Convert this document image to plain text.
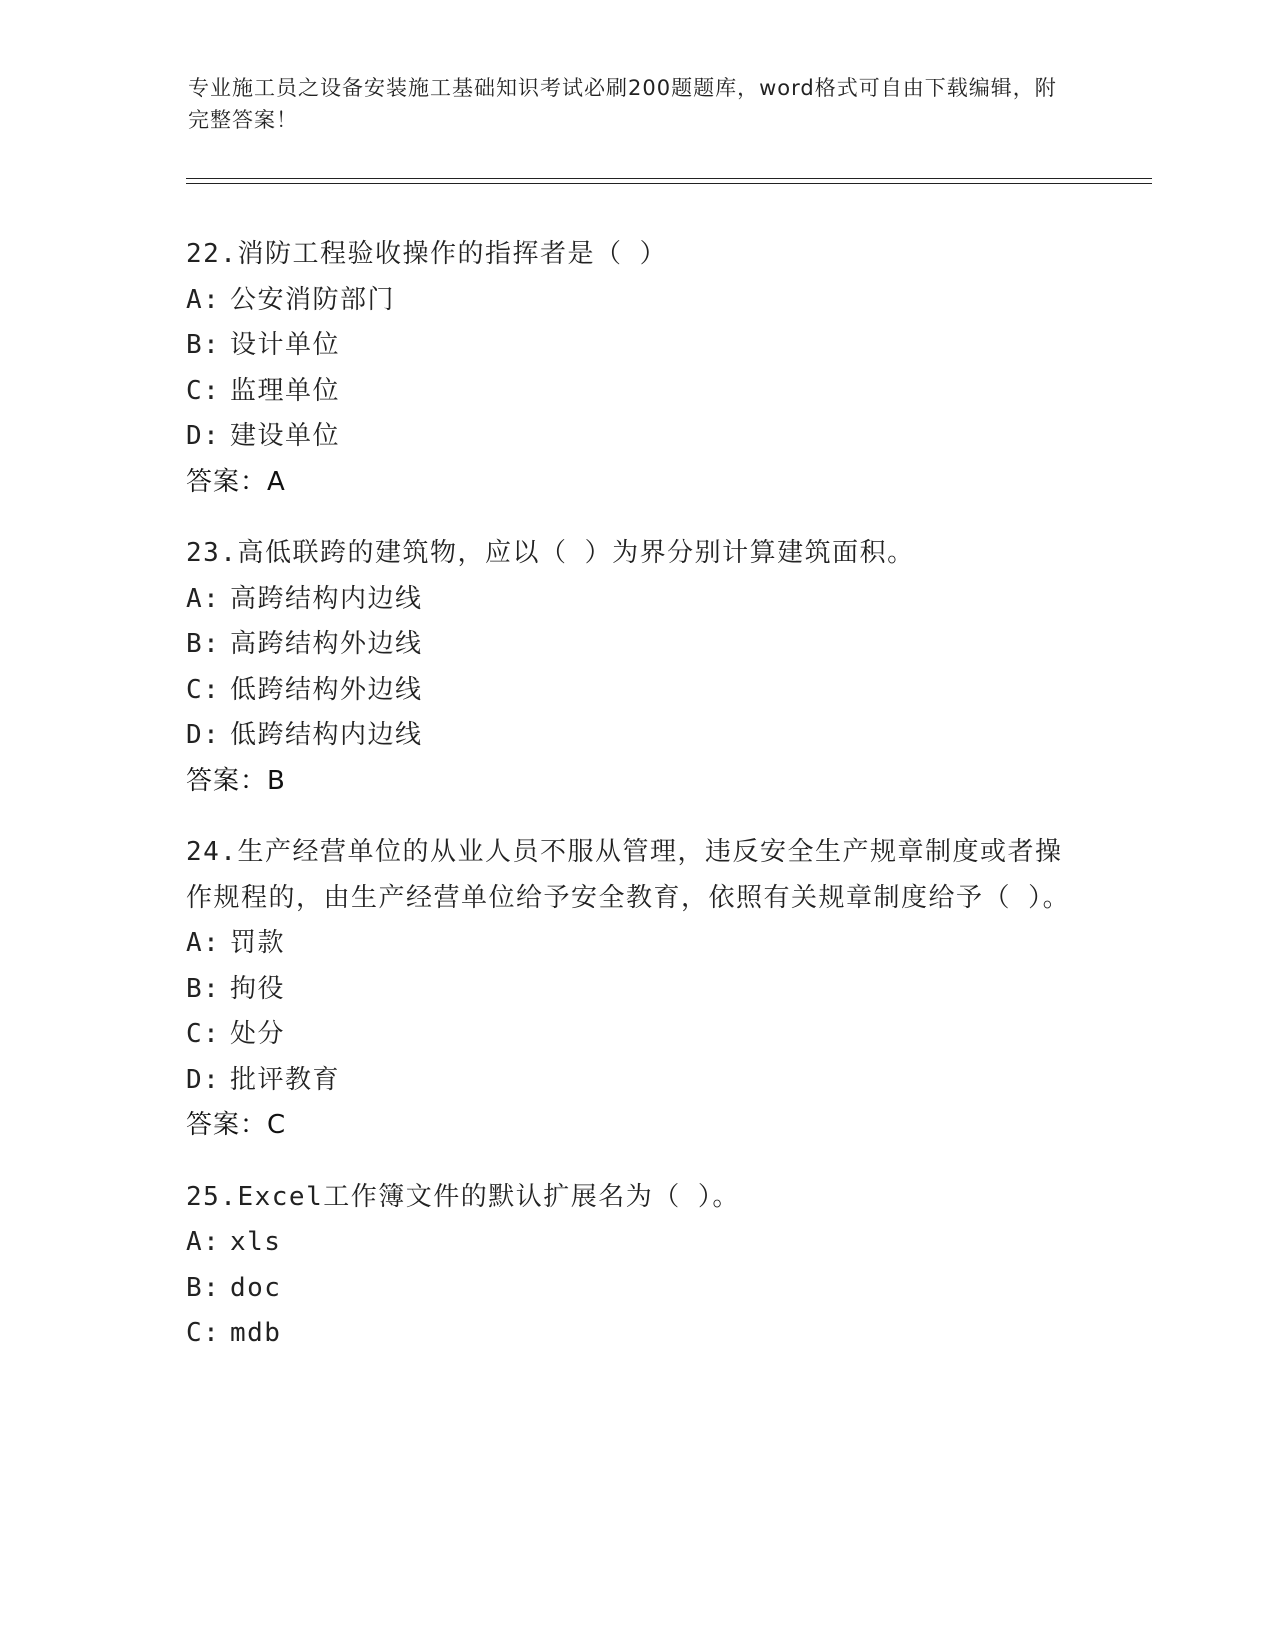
专业施工员之设备安装施工基础知识考试必刷200题题库，word格式可自由下载编辑，附完整答案！
22.消防工程验收操作的指挥者是（ ）
A: 公安消防部门
B: 设计单位
C: 监理单位
D: 建设单位
答案：A
23.高低联跨的建筑物，应以（ ）为界分别计算建筑面积。
A: 高跨结构内边线
B: 高跨结构外边线
C: 低跨结构外边线
D: 低跨结构内边线
答案：B
24.生产经营单位的从业人员不服从管理，违反安全生产规章制度或者操作规程的，由生产经营单位给予安全教育，依照有关规章制度给予（ ）。
A: 罚款
B: 拘役
C: 处分
D: 批评教育
答案：C
25.Excel工作簿文件的默认扩展名为（ ）。
A: xls
B: doc
C: mdb
